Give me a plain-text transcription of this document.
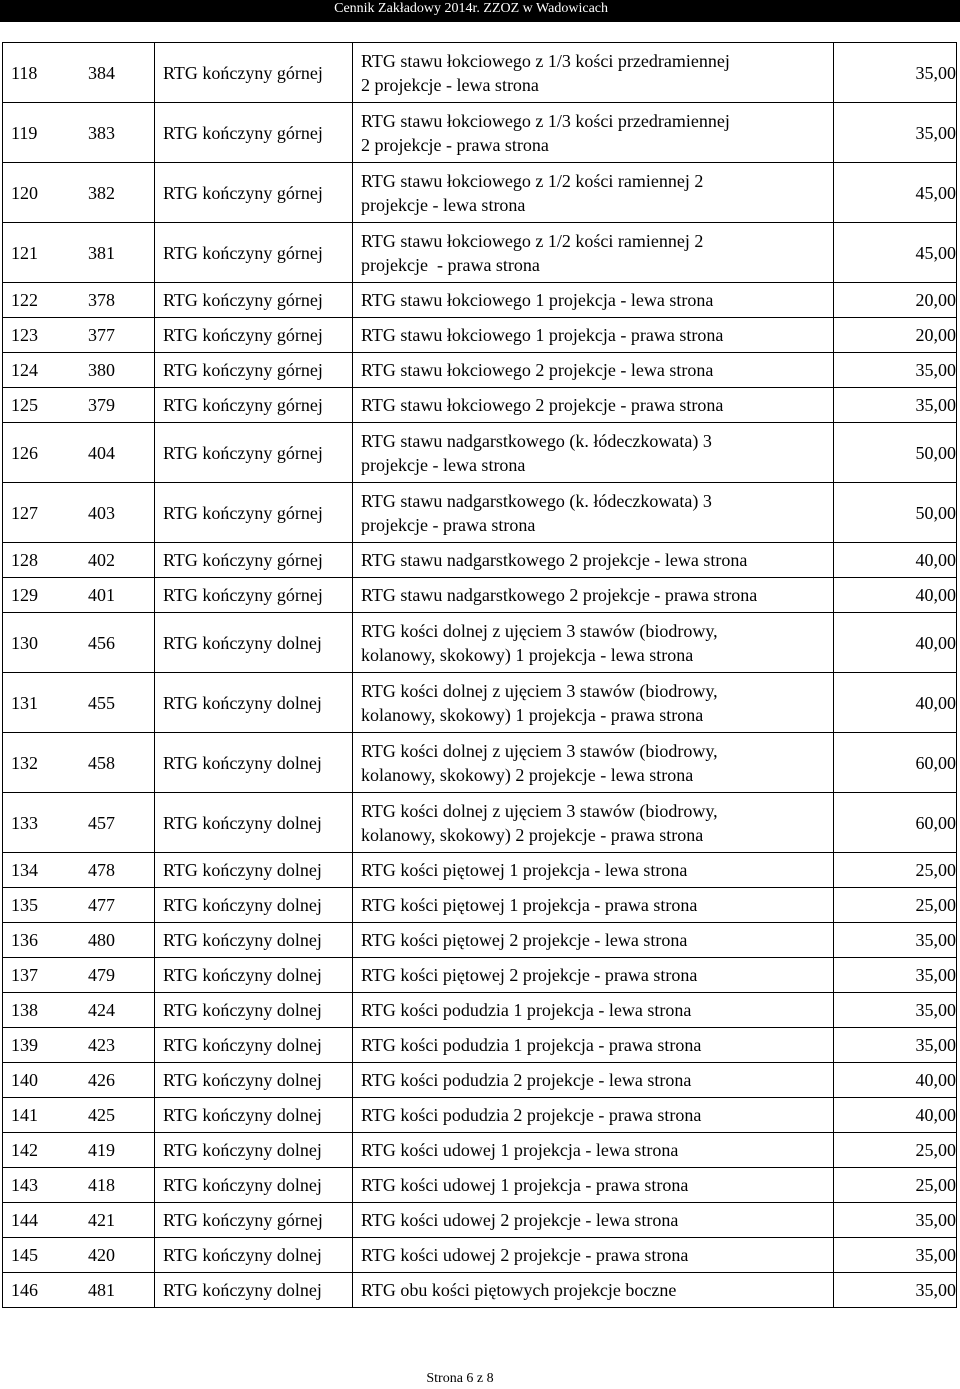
Cennik Zakładowy 2014r. ZZOZ w Wadowicach
118	384	RTG kończyny górnej	RTG stawu łokciowego z 1/3 kości przedramiennej
2 projekcje - lewa strona	35,00
119	383	RTG kończyny górnej	RTG stawu łokciowego z 1/3 kości przedramiennej
2 projekcje - prawa strona	35,00
120	382	RTG kończyny górnej	RTG stawu łokciowego z 1/2 kości ramiennej 2
projekcje - lewa strona	45,00
121	381	RTG kończyny górnej	RTG stawu łokciowego z 1/2 kości ramiennej 2
projekcje  - prawa strona	45,00
122	378	RTG kończyny górnej	RTG stawu łokciowego 1 projekcja - lewa strona	20,00
123	377	RTG kończyny górnej	RTG stawu łokciowego 1 projekcja - prawa strona	20,00
124	380	RTG kończyny górnej	RTG stawu łokciowego 2 projekcje - lewa strona	35,00
125	379	RTG kończyny górnej	RTG stawu łokciowego 2 projekcje - prawa strona	35,00
126	404	RTG kończyny górnej	RTG stawu nadgarstkowego (k. łódeczkowata) 3
projekcje - lewa strona	50,00
127	403	RTG kończyny górnej	RTG stawu nadgarstkowego (k. łódeczkowata) 3
projekcje - prawa strona	50,00
128	402	RTG kończyny górnej	RTG stawu nadgarstkowego 2 projekcje - lewa strona	40,00
129	401	RTG kończyny górnej	RTG stawu nadgarstkowego 2 projekcje - prawa strona	40,00
130	456	RTG kończyny dolnej	RTG kości dolnej z ujęciem 3 stawów (biodrowy,
kolanowy, skokowy) 1 projekcja - lewa strona	40,00
131	455	RTG kończyny dolnej	RTG kości dolnej z ujęciem 3 stawów (biodrowy,
kolanowy, skokowy) 1 projekcja - prawa strona	40,00
132	458	RTG kończyny dolnej	RTG kości dolnej z ujęciem 3 stawów (biodrowy,
kolanowy, skokowy) 2 projekcje - lewa strona	60,00
133	457	RTG kończyny dolnej	RTG kości dolnej z ujęciem 3 stawów (biodrowy,
kolanowy, skokowy) 2 projekcje - prawa strona	60,00
134	478	RTG kończyny dolnej	RTG kości piętowej 1 projekcja - lewa strona	25,00
135	477	RTG kończyny dolnej	RTG kości piętowej 1 projekcja - prawa strona	25,00
136	480	RTG kończyny dolnej	RTG kości piętowej 2 projekcje - lewa strona	35,00
137	479	RTG kończyny dolnej	RTG kości piętowej 2 projekcje - prawa strona	35,00
138	424	RTG kończyny dolnej	RTG kości podudzia 1 projekcja - lewa strona	35,00
139	423	RTG kończyny dolnej	RTG kości podudzia 1 projekcja - prawa strona	35,00
140	426	RTG kończyny dolnej	RTG kości podudzia 2 projekcje - lewa strona	40,00
141	425	RTG kończyny dolnej	RTG kości podudzia 2 projekcje - prawa strona	40,00
142	419	RTG kończyny dolnej	RTG kości udowej 1 projekcja - lewa strona	25,00
143	418	RTG kończyny dolnej	RTG kości udowej 1 projekcja - prawa strona	25,00
144	421	RTG kończyny górnej	RTG kości udowej 2 projekcje - lewa strona	35,00
145	420	RTG kończyny dolnej	RTG kości udowej 2 projekcje - prawa strona	35,00
146	481	RTG kończyny dolnej	RTG obu kości piętowych projekcje boczne	35,00
Strona 6 z 8
